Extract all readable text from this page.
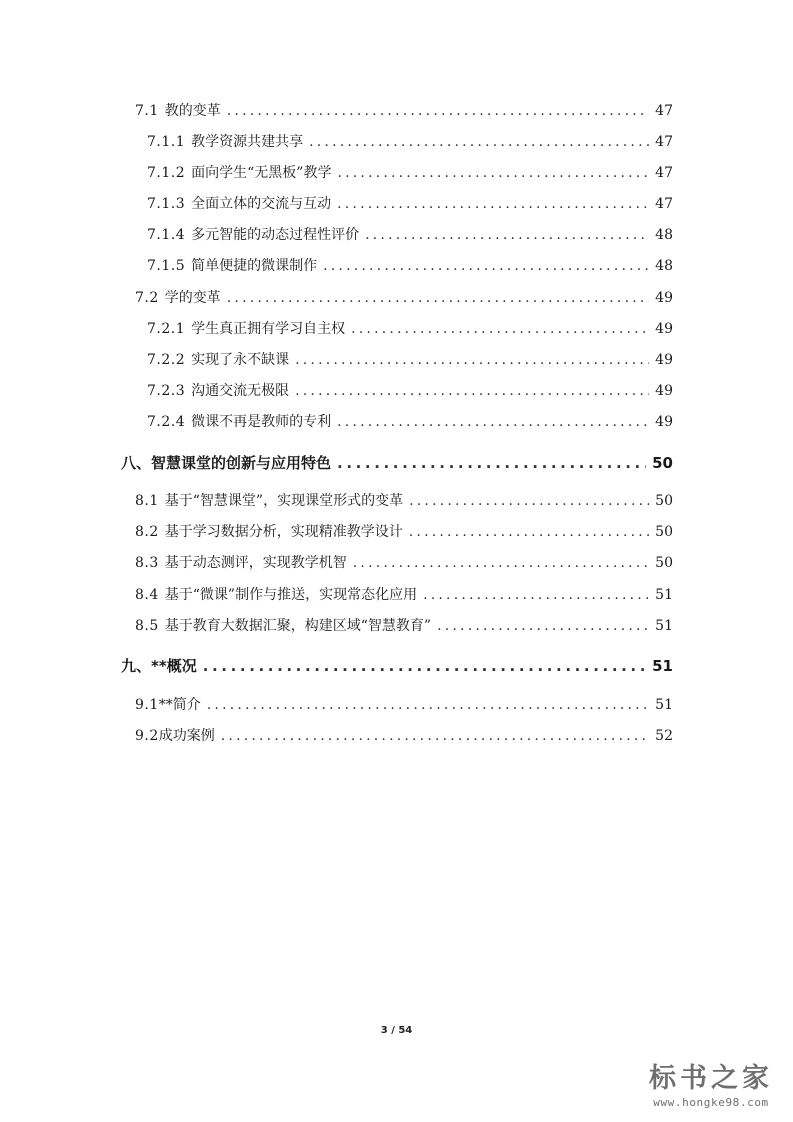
7.1 教的变革 .....	47
7.1.1 教学资源共建共享 .....	47
7.1.2 面向学生“无黑板”教学 .....	47
7.1.3 全面立体的交流与互动 .....	47
7.1.4 多元智能的动态过程性评价 .....	48
7.1.5 简单便捷的微课制作 .....	48
7.2 学的变革 .....	49
7.2.1 学生真正拥有学习自主权 .....	49
7.2.2 实现了永不缺课 .....	49
7.2.3 沟通交流无极限 .....	49
7.2.4 微课不再是教师的专利 .....	49
八、智慧课堂的创新与应用特色 .....	50
8.1 基于“智慧课堂”，实现课堂形式的变革 .....	50
8.2 基于学习数据分析，实现精准教学设计 .....	50
8.3 基于动态测评，实现教学机智 .....	50
8.4 基于“微课”制作与推送，实现常态化应用 .....	51
8.5 基于教育大数据汇聚，构建区域“智慧教育” .....	51
九、**概况 .....	51
9.1 **简介 .....	51
9.2 成功案例 .....	52
3 / 54
标书之家
www.hongke98.com
